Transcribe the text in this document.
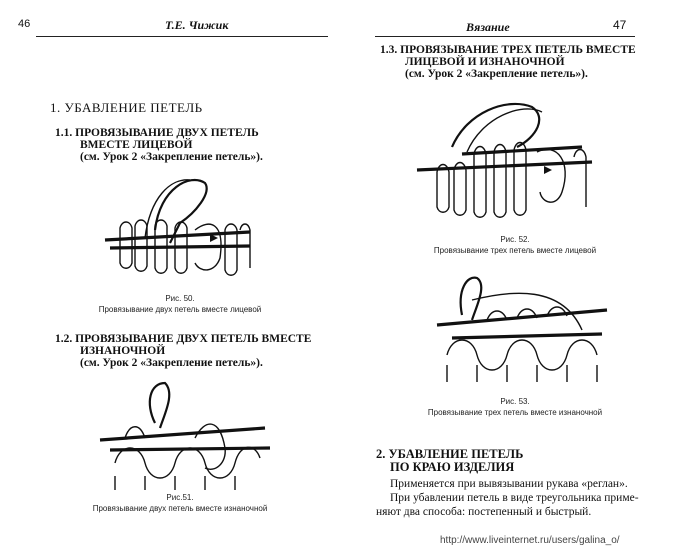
46	Т.Е. Чижик
1. УБАВЛЕНИЕ ПЕТЕЛЬ
1.1. ПРОВЯЗЫВАНИЕ ДВУХ ПЕТЕЛЬ
ВМЕСТЕ ЛИЦЕВОЙ
(см. Урок 2 «Закрепление петель»).
Рис. 50.
Провязывание двух петель вместе лицевой
1.2. ПРОВЯЗЫВАНИЕ ДВУХ ПЕТЕЛЬ ВМЕСТЕ
ИЗНАНОЧНОЙ
(см. Урок 2 «Закрепление петель»).
Рис.51.
Провязывание двух петель вместе изнаночной
Вязание	47
1.3. ПРОВЯЗЫВАНИЕ ТРЕХ ПЕТЕЛЬ ВМЕСТЕ
ЛИЦЕВОЙ И ИЗНАНОЧНОЙ
(см. Урок 2 «Закрепление петель»).
Рис. 52.
Провязывание трех петель вместе лицевой
Рис. 53.
Провязывание трех петель вместе изнаночной
2. УБАВЛЕНИЕ ПЕТЕЛЬ
ПО КРАЮ ИЗДЕЛИЯ
Применяется при вывязывании рукава «реглан».
При убавлении петель в виде треугольника приме-
няют два способа: постепенный и быстрый.
http://www.liveinternet.ru/users/galina_o/
